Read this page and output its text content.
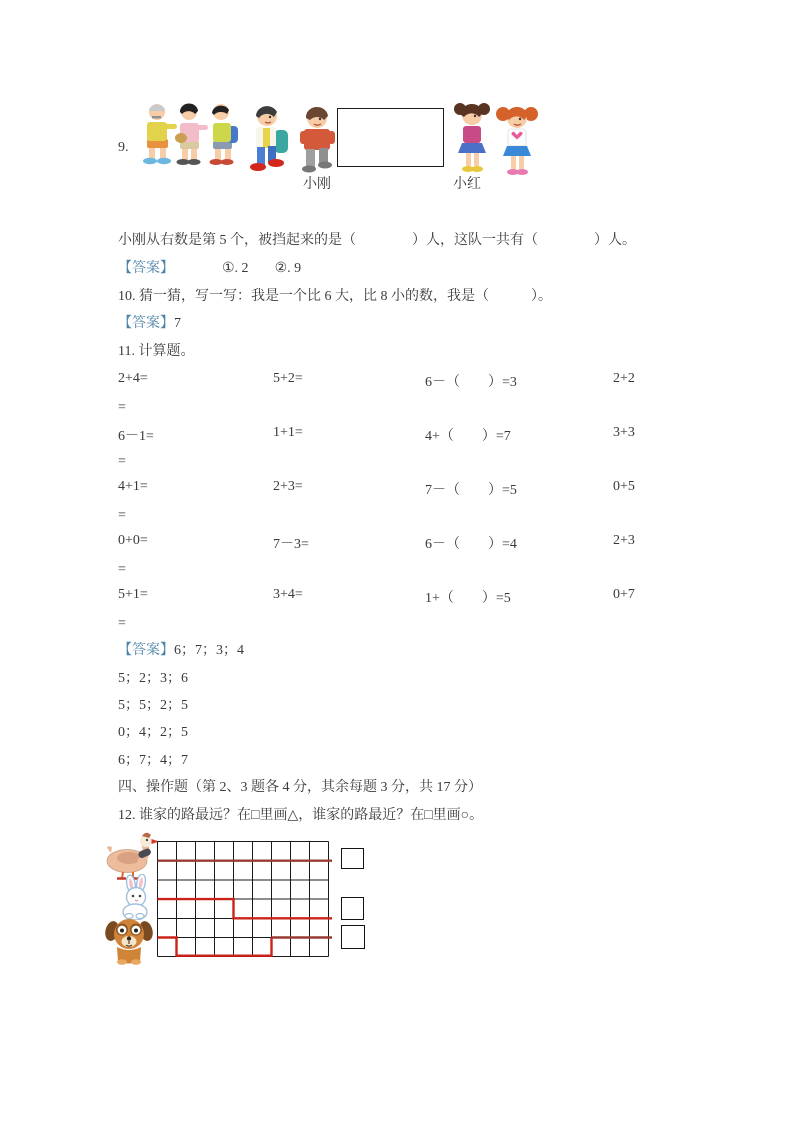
9.
小刚	小红
小刚从右数是第 5 个，被挡起来的是（　　　　）人，这队一共有（　　　　）人。
【答案】	①. 2 ②. 9
10. 猜一猜，写一写：我是一个比 6 大，比 8 小的数，我是（　　　）。
【答案】7
11. 计算题。
2+4=	5+2=	6－（　　）=3	2+2
=
6－1=	1+1=	4+（　　）=7	3+3
=
4+1=	2+3=	7－（　　）=5	0+5
=
0+0=	7－3=	6－（　　）=4	2+3
=
5+1=	3+4=	1+（　　）=5	0+7
=
【答案】6；7；3；4
5；2；3；6
5；5；2；5
0；4；2；5
6；7；4；7
四、操作题（第 2、3 题各 4 分，其余每题 3 分，共 17 分）
12. 谁家的路最远？在□里画△，谁家的路最近？在□里画○。
